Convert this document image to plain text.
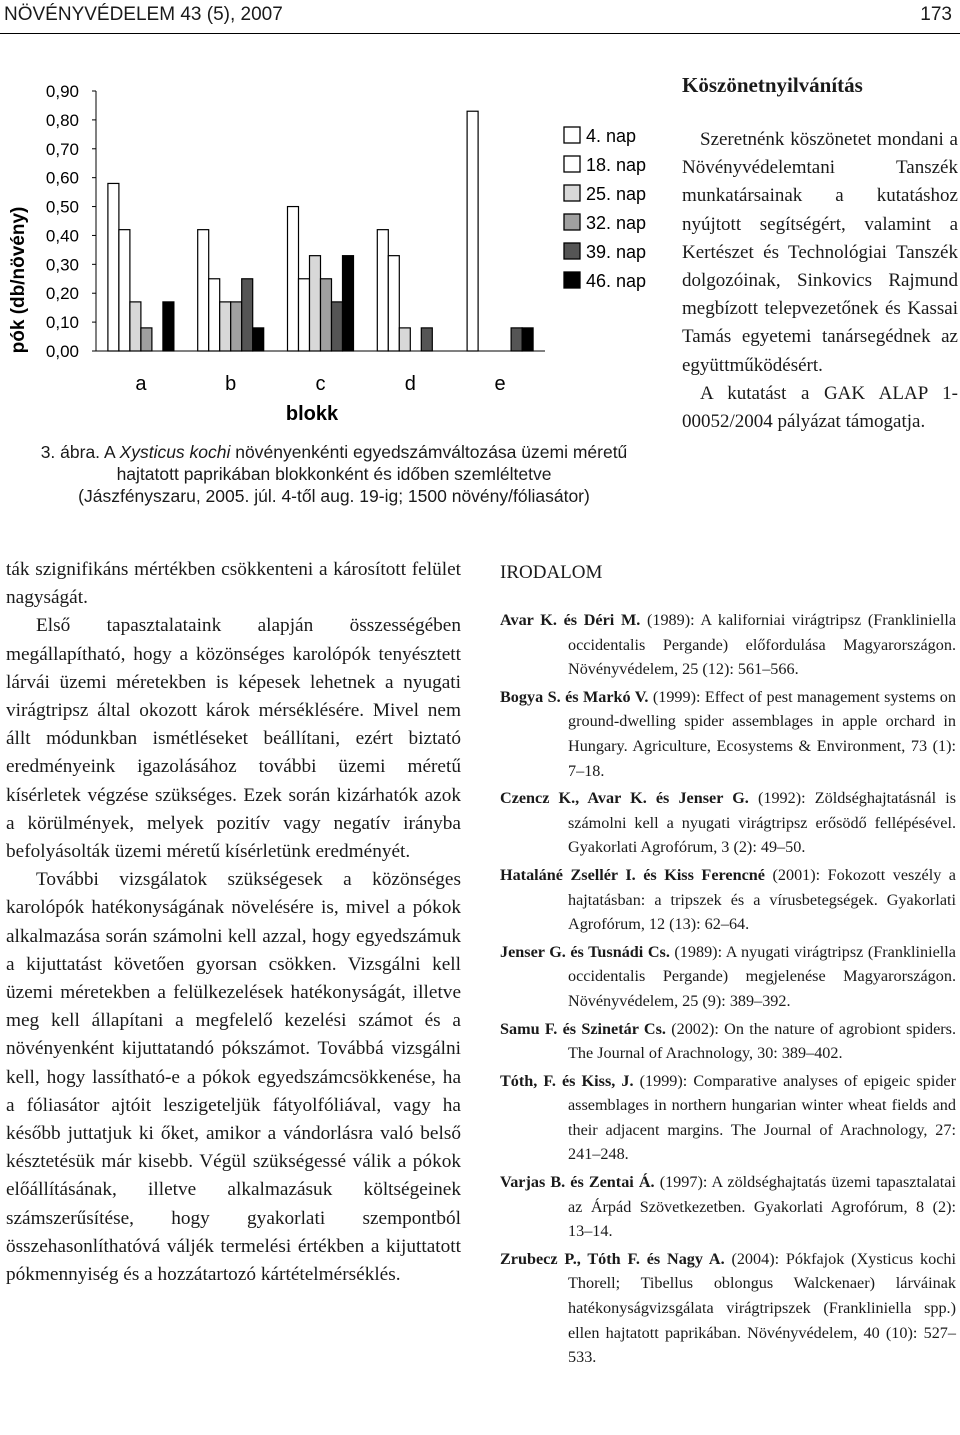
NÖVÉNYVÉDELEM 43 (5), 2007	173
0,00
0,10
0,20
0,30
0,40
0,50
0,60
0,70
0,80
0,90
a	b	c	d	e
4. nap
18. nap
25. nap
32. nap
39. nap
46. nap
pók (db/növény)
blokk
3. ábra. A Xysticus kochi növényenkénti egyedszámváltozása üzemi méretű
hajtatott paprikában blokkonként és időben szemléltetve
(Jászfényszaru, 2005. júl. 4-től aug. 19-ig; 1500 növény/fóliasátor)
Köszönetnyilvánítás

Szeretnénk köszönetet mondani a Növényvédelemtani Tanszék munkatársainak a kutatáshoz nyújtott segítségért, valamint a Kertészet és Technológiai Tanszék dolgozóinak, Sinkovics Rajmund megbízott telepvezetőnek és Kassai Tamás egyetemi tanársegédnek az együttműködésért.

A kutatást a GAK ALAP 1-00052/2004 pályázat támogatja.

ták szignifikáns mértékben csökkenteni a károsított felület nagyságát.

Első tapasztalataink alapján összességében megállapítható, hogy a közönséges karolópók tenyésztett lárvái üzemi méretekben is képesek lehetnek a nyugati virágtripsz által okozott károk mérséklésére. Mivel nem állt módunkban ismétléseket beállítani, ezért biztató eredményeink igazolásához további üzemi méretű kísérletek végzése szükséges. Ezek során kizárhatók azok a körülmények, melyek pozitív vagy negatív irányba befolyásolták üzemi méretű kísérletünk eredményét.

További vizsgálatok szükségesek a közönséges karolópók hatékonyságának növelésére is, mivel a pókok alkalmazása során számolni kell azzal, hogy egyedszámuk a kijuttatást követően gyorsan csökken. Vizsgálni kell üzemi méretekben a felülkezelések hatékonyságát, illetve meg kell állapítani a megfelelő kezelési számot és a növényenként kijuttatandó pókszámot. Továbbá vizsgálni kell, hogy lassítható-e a pókok egyedszámcsökkenése, ha a fóliasátor ajtóit leszigeteljük fátyolfóliával, vagy ha később juttatjuk ki őket, amikor a vándorlásra való belső késztetésük már kisebb. Végül szükségessé válik a pókok előállításának, illetve alkalmazásuk költségeinek számszerűsítése, hogy gyakorlati szempontból összehasonlíthatóvá váljék termelési értékben a kijuttatott pókmennyiség és a hozzátartozó kártételmérséklés.

IRODALOM

Avar K. és Déri M. (1989): A kaliforniai virágtripsz (Frankliniella occidentalis Pergande) előfordulása Magyarországon. Növényvédelem, 25 (12): 561–566.

Bogya S. és Markó V. (1999): Effect of pest management systems on ground-dwelling spider assemblages in apple orchard in Hungary. Agriculture, Ecosystems & Environment, 73 (1): 7–18.

Czencz K., Avar K. és Jenser G. (1992): Zöldséghajtatásnál is számolni kell a nyugati virágtripsz erősödő fellépésével. Gyakorlati Agrofórum, 3 (2): 49–50.

Hataláné Zsellér I. és Kiss Ferencné (2001): Fokozott veszély a hajtatásban: a tripszek és a vírusbetegségek. Gyakorlati Agrofórum, 12 (13): 62–64.

Jenser G. és Tusnádi Cs. (1989): A nyugati virágtripsz (Frankliniella occidentalis Pergande) megjelenése Magyarországon. Növényvédelem, 25 (9): 389–392.

Samu F. és Szinetár Cs. (2002): On the nature of agrobiont spiders. The Journal of Arachnology, 30: 389–402.

Tóth, F. és Kiss, J. (1999): Comparative analyses of epigeic spider assemblages in northern hungarian winter wheat fields and their adjacent margins. The Journal of Arachnology, 27: 241–248.

Varjas B. és Zentai Á. (1997): A zöldséghajtatás üzemi tapasztalatai az Árpád Szövetkezetben. Gyakorlati Agrofórum, 8 (2): 13–14.

Zrubecz P., Tóth F. és Nagy A. (2004): Pókfajok (Xysticus kochi Thorell; Tibellus oblongus Walckenaer) lárváinak hatékonyságvizsgálata virágtripszek (Frankliniella spp.) ellen hajtatott paprikában. Növényvédelem, 40 (10): 527–533.
